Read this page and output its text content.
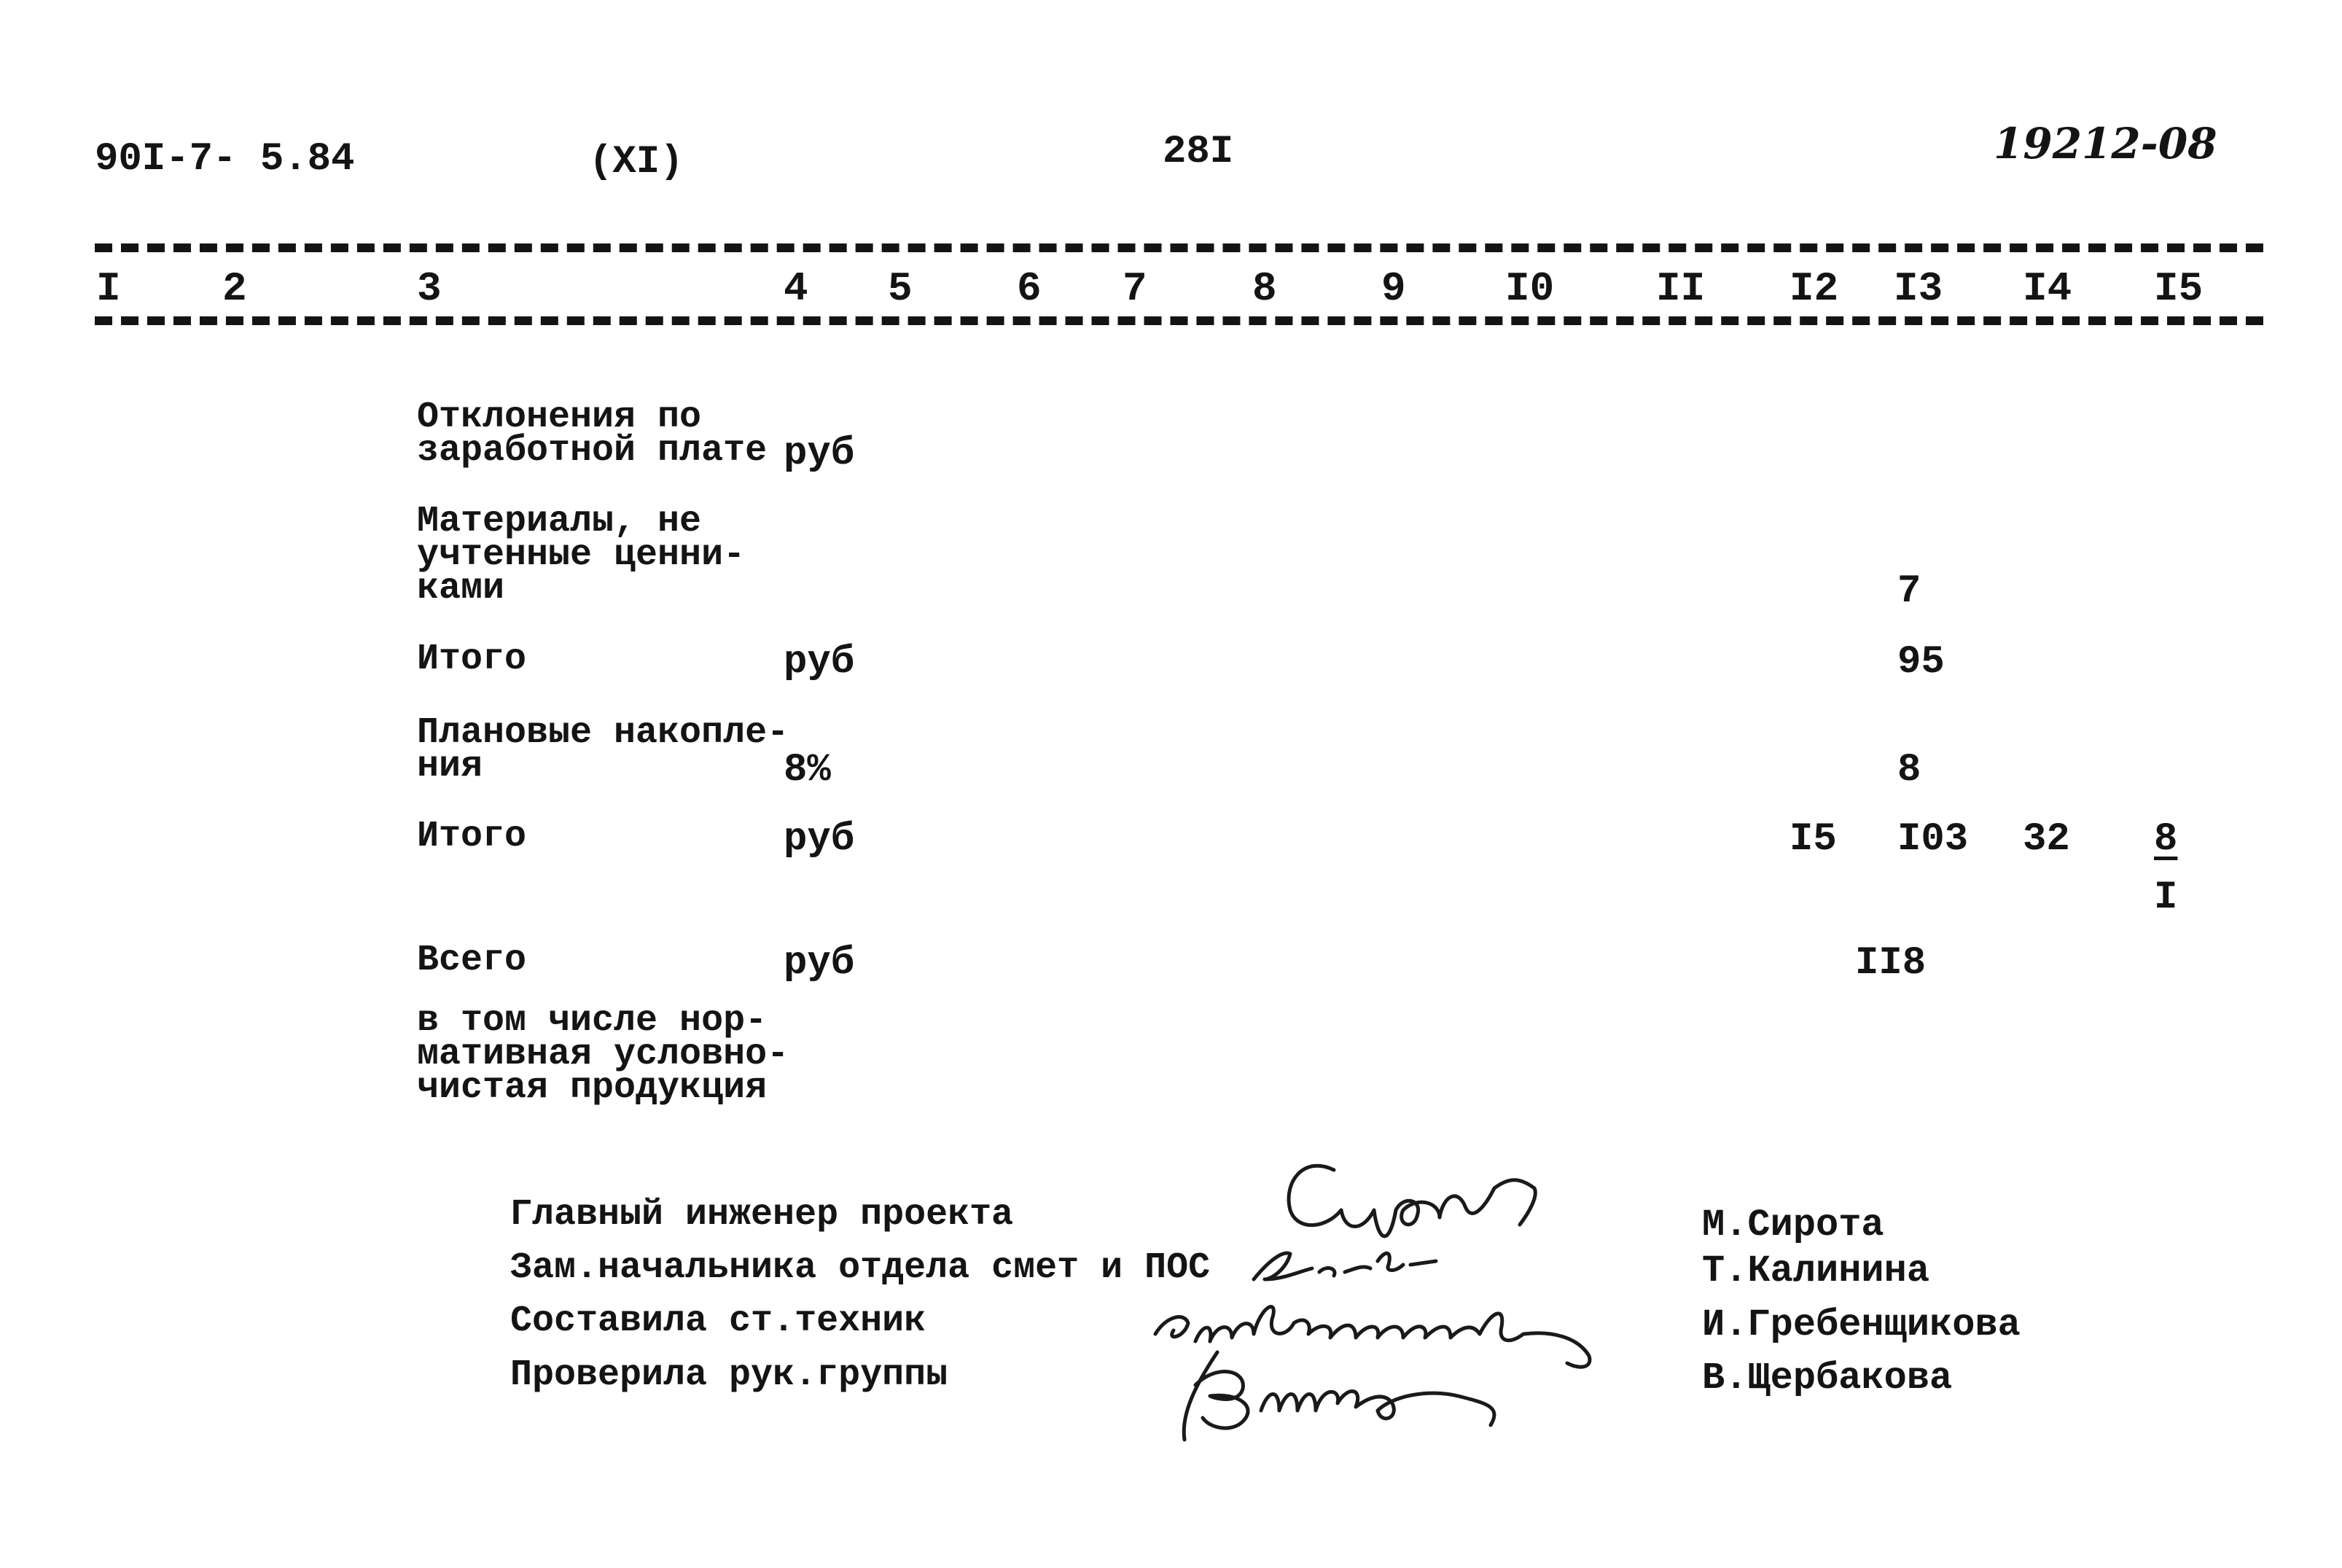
90I-7- 5.84	(XI)	28I	19212-08
I 2	3	4 5	6 7	8	9 I0 II I2 I3 I4 I5
Отклонения по
заработной плате руб
Материалы, не
учтенные ценни-
ками	7
Итого	руб	95
Плановые накопле-
ния	8%	8
Итого	руб	I5 I03 32 8
I
Всего	руб	II8
в том числе нор-
мативная условно-
чистая продукция
Главный инженер проекта
Зам.начальника отдела смет и ПОС
Составила ст.техник
Проверила рук.группы
М.Сирота
Т.Калинина
И.Гребенщикова
В.Щербакова
